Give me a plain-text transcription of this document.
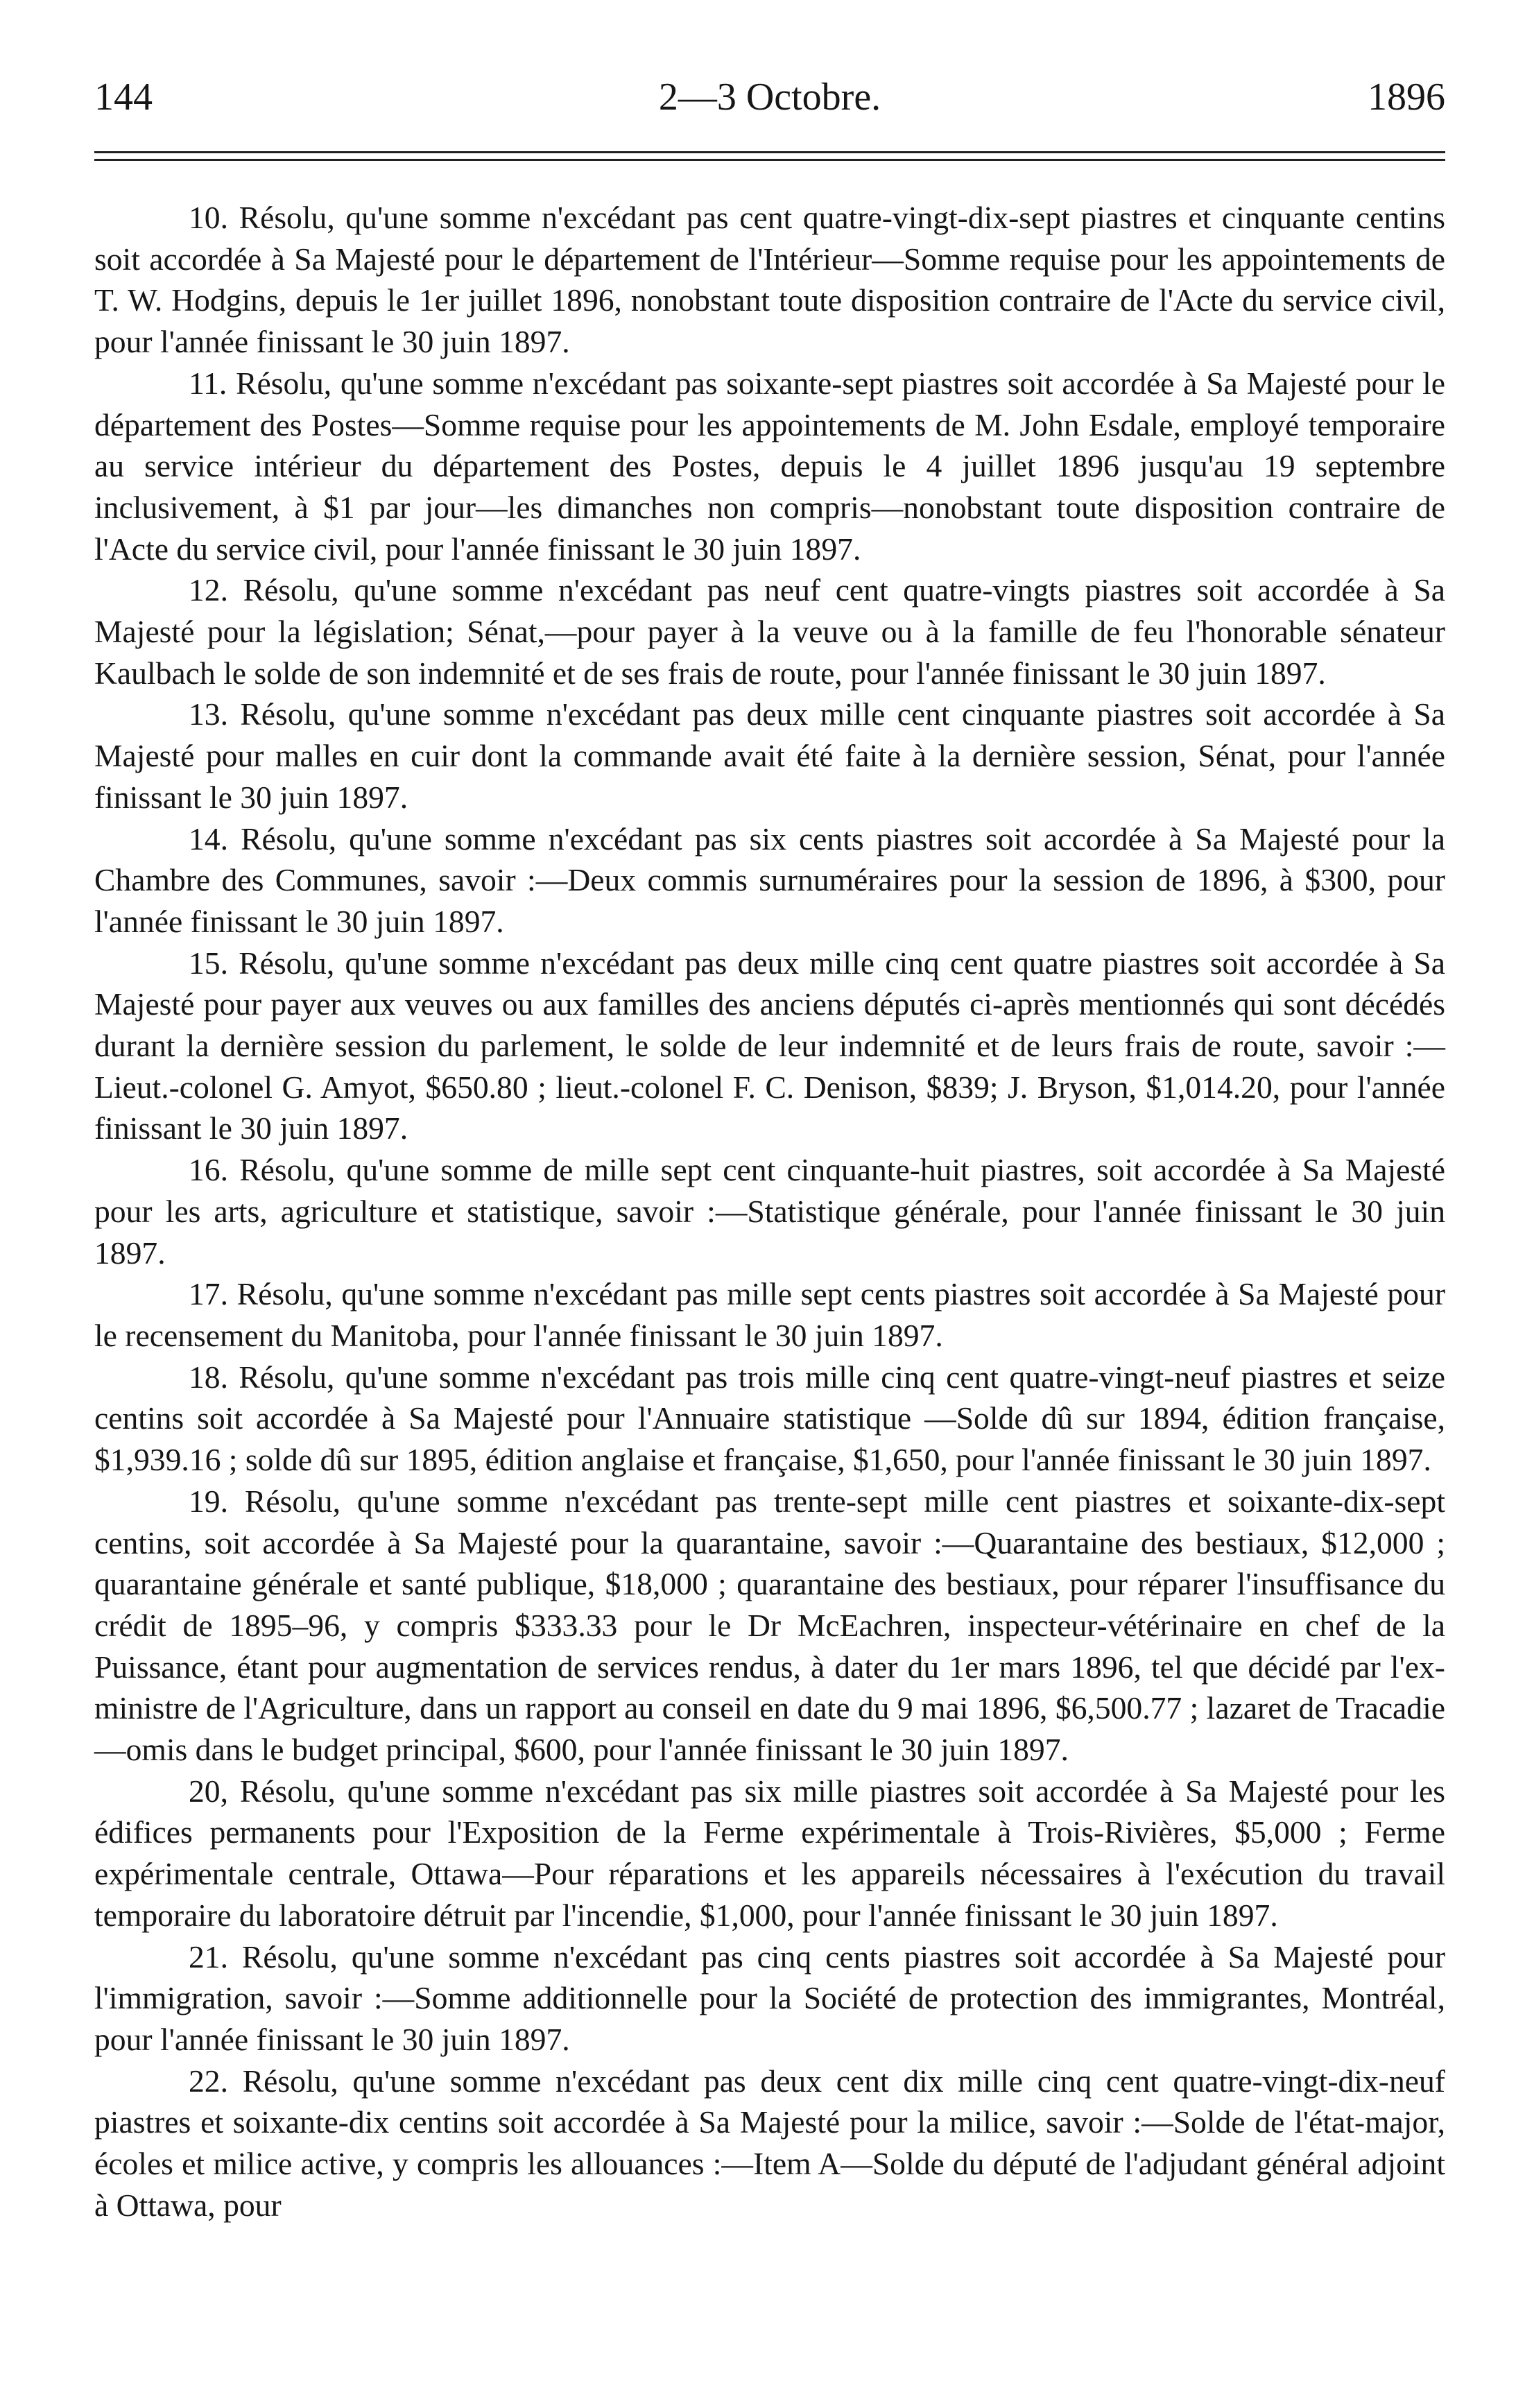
144	2—3 Octobre.	1896

10. Résolu, qu'une somme n'excédant pas cent quatre-vingt-dix-sept piastres et cinquante centins soit accordée à Sa Majesté pour le département de l'Intérieur—Somme requise pour les appointements de T. W. Hodgins, depuis le 1er juillet 1896, nonobstant toute disposition contraire de l'Acte du service civil, pour l'année finissant le 30 juin 1897.

11. Résolu, qu'une somme n'excédant pas soixante-sept piastres soit accordée à Sa Majesté pour le département des Postes—Somme requise pour les appointements de M. John Esdale, employé temporaire au service intérieur du département des Postes, depuis le 4 juillet 1896 jusqu'au 19 septembre inclusivement, à $1 par jour—les dimanches non compris—nonobstant toute disposition contraire de l'Acte du service civil, pour l'année finissant le 30 juin 1897.

12. Résolu, qu'une somme n'excédant pas neuf cent quatre-vingts piastres soit accordée à Sa Majesté pour la législation; Sénat,—pour payer à la veuve ou à la famille de feu l'honorable sénateur Kaulbach le solde de son indemnité et de ses frais de route, pour l'année finissant le 30 juin 1897.

13. Résolu, qu'une somme n'excédant pas deux mille cent cinquante piastres soit accordée à Sa Majesté pour malles en cuir dont la commande avait été faite à la dernière session, Sénat, pour l'année finissant le 30 juin 1897.

14. Résolu, qu'une somme n'excédant pas six cents piastres soit accordée à Sa Majesté pour la Chambre des Communes, savoir :—Deux commis surnuméraires pour la session de 1896, à $300, pour l'année finissant le 30 juin 1897.

15. Résolu, qu'une somme n'excédant pas deux mille cinq cent quatre piastres soit accordée à Sa Majesté pour payer aux veuves ou aux familles des anciens députés ci-après mentionnés qui sont décédés durant la dernière session du parlement, le solde de leur indemnité et de leurs frais de route, savoir :—Lieut.-colonel G. Amyot, $650.80 ; lieut.-colonel F. C. Denison, $839; J. Bryson, $1,014.20, pour l'année finissant le 30 juin 1897.

16. Résolu, qu'une somme de mille sept cent cinquante-huit piastres, soit accordée à Sa Majesté pour les arts, agriculture et statistique, savoir :—Statistique générale, pour l'année finissant le 30 juin 1897.

17. Résolu, qu'une somme n'excédant pas mille sept cents piastres soit accordée à Sa Majesté pour le recensement du Manitoba, pour l'année finissant le 30 juin 1897.

18. Résolu, qu'une somme n'excédant pas trois mille cinq cent quatre-vingt-neuf piastres et seize centins soit accordée à Sa Majesté pour l'Annuaire statistique —Solde dû sur 1894, édition française, $1,939.16 ; solde dû sur 1895, édition anglaise et française, $1,650, pour l'année finissant le 30 juin 1897.

19. Résolu, qu'une somme n'excédant pas trente-sept mille cent piastres et soixante-dix-sept centins, soit accordée à Sa Majesté pour la quarantaine, savoir :—Quarantaine des bestiaux, $12,000 ; quarantaine générale et santé publique, $18,000 ; quarantaine des bestiaux, pour réparer l'insuffisance du crédit de 1895–96, y compris $333.33 pour le Dr McEachren, inspecteur-vétérinaire en chef de la Puissance, étant pour augmentation de services rendus, à dater du 1er mars 1896, tel que décidé par l'ex-ministre de l'Agriculture, dans un rapport au conseil en date du 9 mai 1896, $6,500.77 ; lazaret de Tracadie—omis dans le budget principal, $600, pour l'année finissant le 30 juin 1897.

20, Résolu, qu'une somme n'excédant pas six mille piastres soit accordée à Sa Majesté pour les édifices permanents pour l'Exposition de la Ferme expérimentale à Trois-Rivières, $5,000 ; Ferme expérimentale centrale, Ottawa—Pour réparations et les appareils nécessaires à l'exécution du travail temporaire du laboratoire détruit par l'incendie, $1,000, pour l'année finissant le 30 juin 1897.

21. Résolu, qu'une somme n'excédant pas cinq cents piastres soit accordée à Sa Majesté pour l'immigration, savoir :—Somme additionnelle pour la Société de protection des immigrantes, Montréal, pour l'année finissant le 30 juin 1897.

22. Résolu, qu'une somme n'excédant pas deux cent dix mille cinq cent quatre-vingt-dix-neuf piastres et soixante-dix centins soit accordée à Sa Majesté pour la milice, savoir :—Solde de l'état-major, écoles et milice active, y compris les allouances :—Item A—Solde du député de l'adjudant général adjoint à Ottawa, pour
